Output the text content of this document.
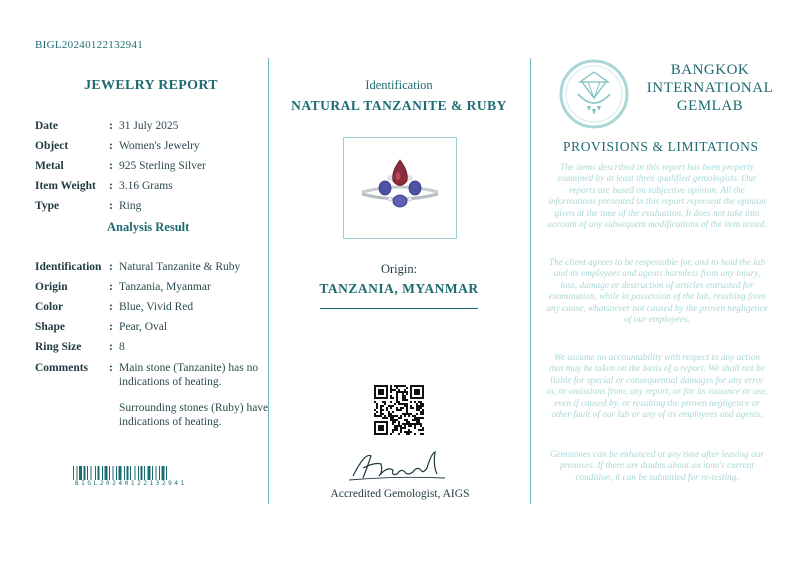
BIGL20240122132941
JEWELRY REPORT
Date	: 31 July 2025
Object	: Women's Jewelry
Metal	: 925 Sterling Silver
Item Weight : 3.16 Grams
Type	: Ring
Analysis Result
Identification : Natural Tanzanite & Ruby
Origin	: Tanzania, Myanmar
Color	: Blue, Vivid Red
Shape	: Pear, Oval
Ring Size : 8
Comments : Main stone (Tanzanite) has no indications of heating.
Surrounding stones (Ruby) have indications of heating.
BIGL20240122132941
Identification
NATURAL TANZANITE & RUBY
Origin:
TANZANIA, MYANMAR
Accredited Gemologist, AIGS
BANGKOK
INTERNATIONAL
GEMLAB
PROVISIONS & LIMITATIONS
The items described in this report has been properly examined by at least three qualified gemologists. Our reports are based on subjective opinion. All the informations presented in this report represent the opinion given at the time of the evaluation. It does not take into account of any subsequent modifications of the item tested.
The client agrees to be responsible for, and to hold the lab and its employees and agents harmless from any injury, loss, damage or destruction of articles entrusted for examination, while in possession of the lab, resulting from any cause, whatsoever not caused by the proven negligence of our employees.
We assume no accountability with respect to any action that may be taken on the basis of a report. We shall not be liable for special or consequential damages for any error in, or omissions from, any report, or for its issuance or use, even if caused by, or resulting the proven negligence or other fault of our lab or any of its employees and agents.
Gemstones can be enhanced at any time after leaving our premises. If there are doubts about an item's current condition, it can be submitted for re-testing.
